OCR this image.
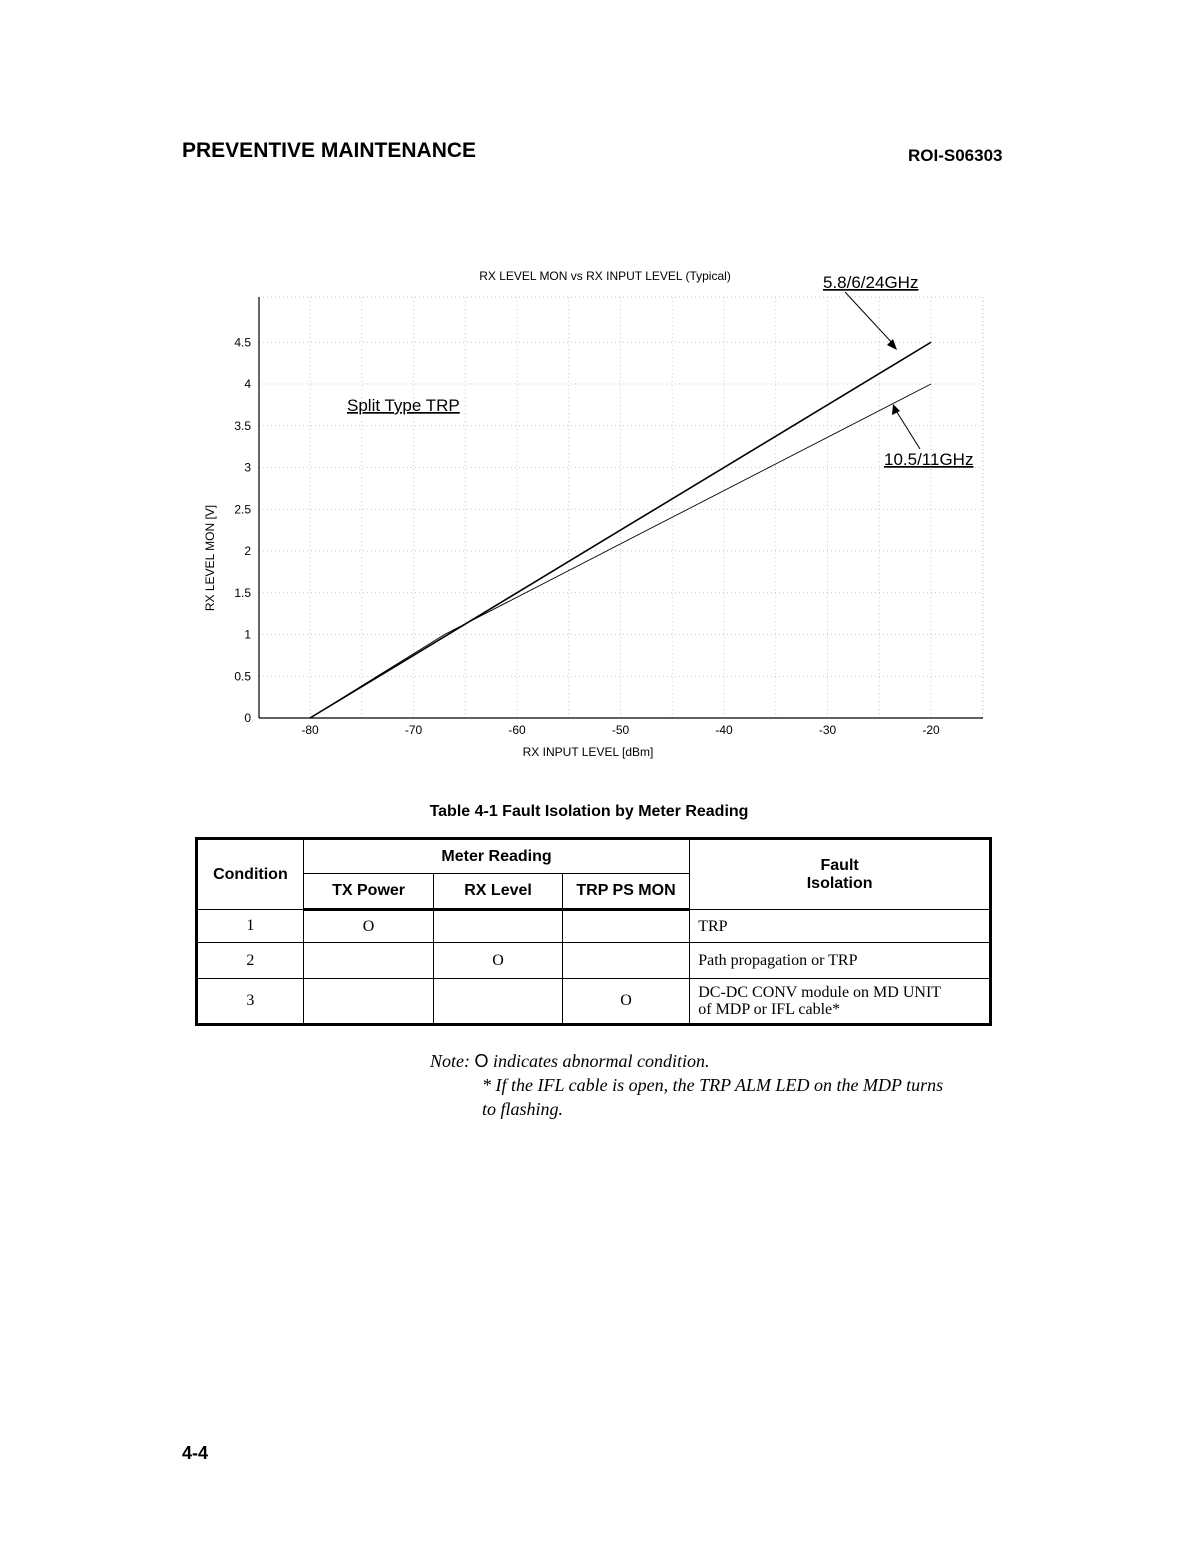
PREVENTIVE MAINTENANCE	ROI-S06303
0
0.5
1
1.5
2
2.5
3
3.5
4
4.5
-80	-70	-60	-50	-40	-30	-20
RX LEVEL MON vs RX INPUT LEVEL (Typical)
RX INPUT LEVEL [dBm]
RX LEVEL MON [V]
Split Type TRP
5.8/6/24GHz
10.5/11GHz
Table 4-1 Fault Isolation by Meter Reading
Condition	Meter Reading			Fault
Isolation

	TX Power	RX Level	TRP PS MON	
1	O			TRP

2		O		Path propagation or TRP

3			O	DC-DC CONV module on MD UNIT
of MDP or IFL cable*
Note: O indicates abnormal condition.
* If the IFL cable is open, the TRP ALM LED on the MDP turns
to flashing.
4-4
